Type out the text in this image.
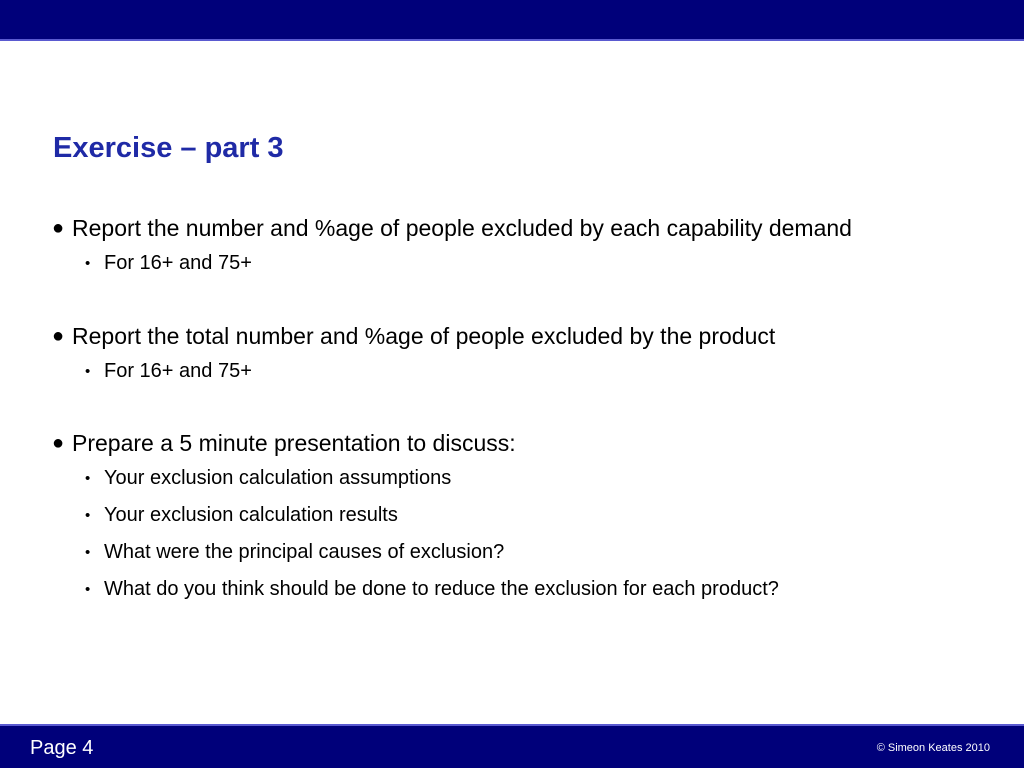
Exercise – part 3
● Report the number and %age of people excluded by each capability demand
• For 16+ and 75+
● Report the total number and %age of people excluded by the product
• For 16+ and 75+
● Prepare a 5 minute presentation to discuss:
• Your exclusion calculation assumptions
• Your exclusion calculation results
• What were the principal causes of exclusion?
• What do you think should be done to reduce the exclusion for each product?
Page 4	© Simeon Keates 2010
